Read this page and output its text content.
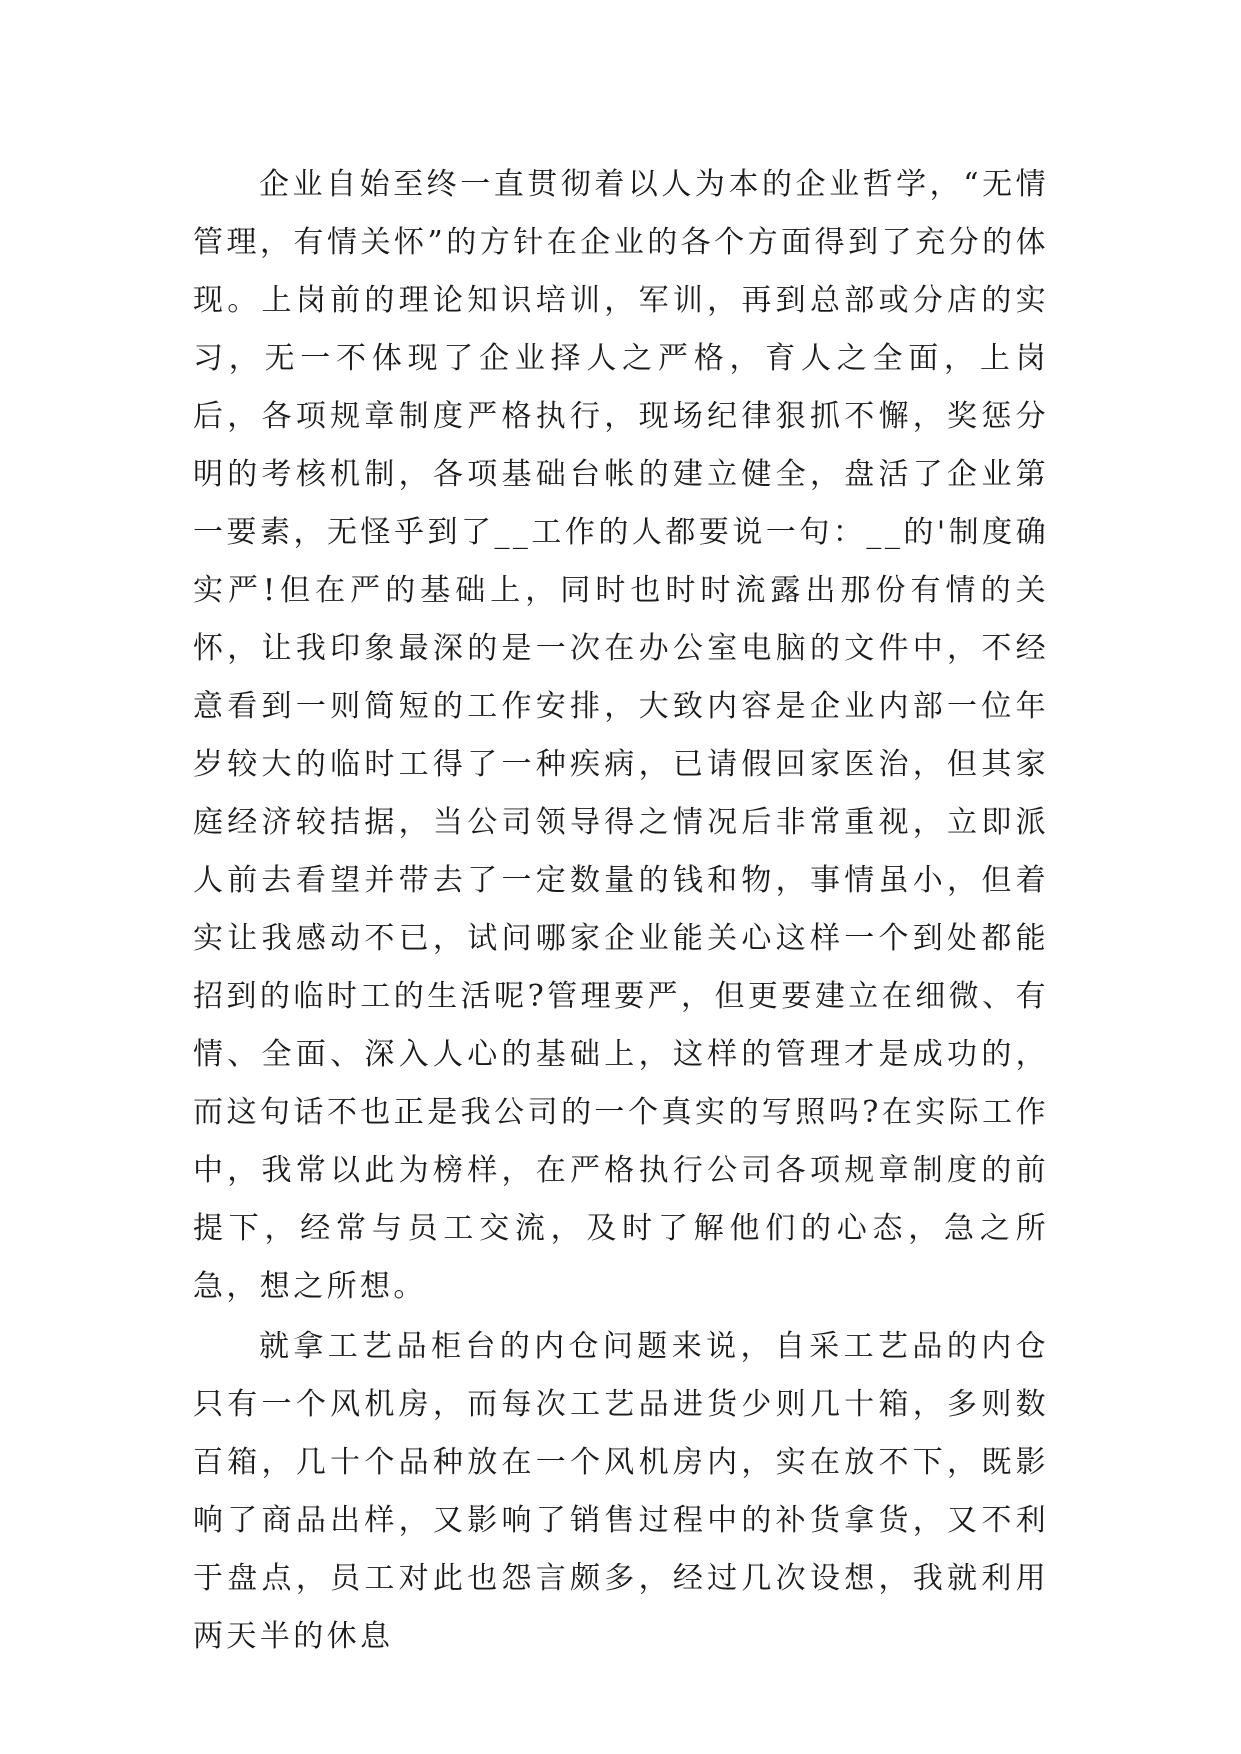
企业自始至终一直贯彻着以人为本的企业哲学，“无情管理，有情关怀”的方针在企业的各个方面得到了充分的体现。上岗前的理论知识培训，军训，再到总部或分店的实习，无一不体现了企业择人之严格，育人之全面，上岗后，各项规章制度严格执行，现场纪律狠抓不懈，奖惩分明的考核机制，各项基础台帐的建立健全，盘活了企业第一要素，无怪乎到了__工作的人都要说一句：__的'制度确实严!但在严的基础上，同时也时时流露出那份有情的关怀，让我印象最深的是一次在办公室电脑的文件中，不经意看到一则简短的工作安排，大致内容是企业内部一位年岁较大的临时工得了一种疾病，已请假回家医治，但其家庭经济较拮据，当公司领导得之情况后非常重视，立即派人前去看望并带去了一定数量的钱和物，事情虽小，但着实让我感动不已，试问哪家企业能关心这样一个到处都能招到的临时工的生活呢?管理要严，但更要建立在细微、有情、全面、深入人心的基础上，这样的管理才是成功的，而这句话不也正是我公司的一个真实的写照吗?在实际工作中，我常以此为榜样，在严格执行公司各项规章制度的前提下，经常与员工交流，及时了解他们的心态，急之所急，想之所想。

就拿工艺品柜台的内仓问题来说，自采工艺品的内仓只有一个风机房，而每次工艺品进货少则几十箱，多则数百箱，几十个品种放在一个风机房内，实在放不下，既影响了商品出样，又影响了销售过程中的补货拿货，又不利于盘点，员工对此也怨言颇多，经过几次设想，我就利用两天半的休息
